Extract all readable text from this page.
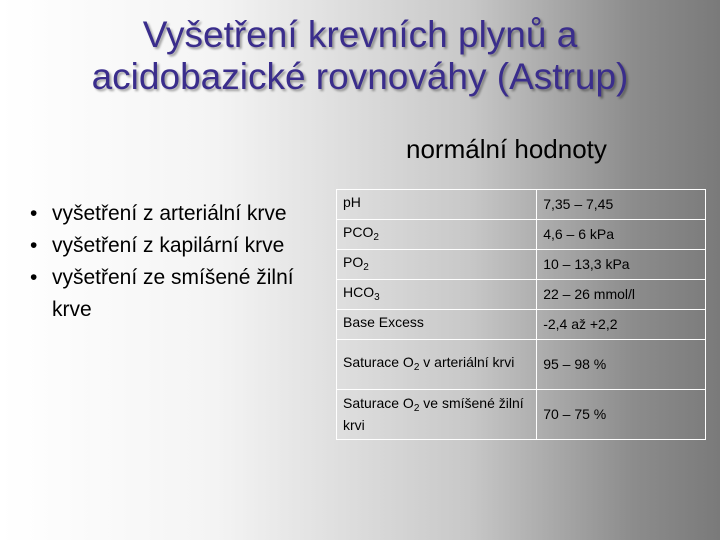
Vyšetření krevních plynů a
acidobazické rovnováhy (Astrup)
normální hodnoty
• vyšetření z arteriální krve
• vyšetření z kapilární krve
• vyšetření ze smíšené žilní krve
pH	7,35 – 7,45
$PCO_2$	4,6 – 6 kPa
$PO_2$	10 – 13,3 kPa
$HCO_3$	22 – 26 mmol/l
Base Excess	-2,4 až +2,2
Saturace $O_2$ v arteriální krvi	95 – 98 %
Saturace $O_2$ ve smíšené žilní krvi	70 – 75 %
